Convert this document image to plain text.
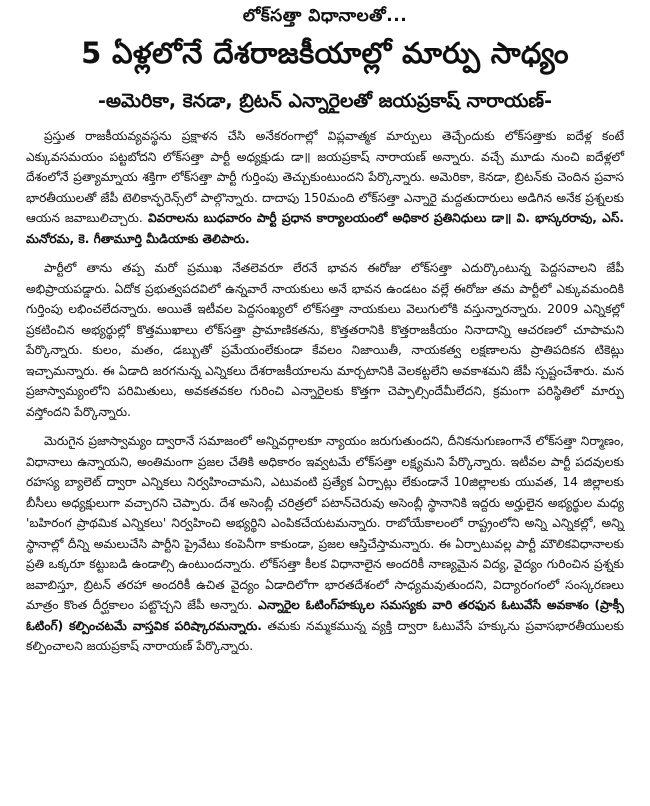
లోక్‌సత్తా విధానాలతో...
5 ఏళ్లలోనే దేశరాజకీయాల్లో మార్పు సాధ్యం
-అమెరికా, కెనడా, బ్రిటన్ ఎన్నారైలతో జయప్రకాష్ నారాయణ్-

ప్రస్తుత రాజకీయవ్యవస్థను ప్రక్షాళన చేసి అనేకరంగాల్లో విప్లవాత్మక మార్పులు తెచ్చేందుకు లోక్‌సత్తాకు ఐదేళ్ల కంటే ఎక్కువసమయం పట్టబోదని లోక్‌సత్తా పార్టీ అధ్యక్షుడు డా॥ జయప్రకాష్ నారాయణ్ అన్నారు. వచ్చే మూడు నుంచి ఐదేళ్లలో దేశంలోనే ప్రత్యామ్నాయ శక్తిగా లోక్‌సత్తా పార్టీ గుర్తింపు తెచ్చుకుంటుందని పేర్కొన్నారు. అమెరికా, కెనడా, బ్రిటన్‌కు చెందిన ప్రవాస భారతీయులతో జేపీ టెలికాన్ఫరెన్స్‌లో పాల్గొన్నారు. దాదాపు 150మంది లోక్‌సత్తా ఎన్నారై మద్దతుదారులు అడిగిన అనేక ప్రశ్నలకు ఆయన జవాబులిచ్చారు. వివరాలను బుధవారం పార్టీ ప్రధాన కార్యాలయంలో అధికార ప్రతినిధులు డా॥ వి. భాస్కరరావు, ఎస్. మనోరమ, కె. గీతామూర్తి మీడియాకు తెలిపారు.

పార్టీలో తాను తప్ప మరో ప్రముఖ నేతలెవరూ లేరనే భావన ఈరోజు లోక్‌సత్తా ఎదుర్కొంటున్న పెద్దసవాలని జేపీ అభిప్రాయపడ్డారు. ఏదోక ప్రభుత్వపదవిలో ఉన్నవారే నాయకులు అనే భావన ఉండటం వల్లే ఈరోజు తమ పార్టీలో ఎక్కువమందికి గుర్తింపు లభించలేదన్నారు. అయితే ఇటీవల పెద్దసంఖ్యలో లోక్‌సత్తా నాయకులు వెలుగులోకి వస్తున్నారన్నారు. 2009 ఎన్నికల్లో ప్రకటించిన అభ్యర్థుల్లో కొత్తముఖాలు లోక్‌సత్తా ప్రామాణికతను, కొత్తతరానికి కొత్తరాజకీయం నినాదాన్ని ఆచరణలో చూపామని పేర్కొన్నారు. కులం, మతం, డబ్బుతో ప్రమేయంలేకుండా కేవలం నిజాయితీ, నాయకత్వ లక్షణాలను ప్రాతిపదికన టికెట్లు ఇచ్చామన్నారు. ఈ ఏడాది జరగనున్న ఎన్నికలు దేశరాజకీయాలను మార్చటానికి వెలకట్టలేని అవకాశమని జేపీ స్పష్టంచేశారు. మన ప్రజాస్వామ్యంలోని పరిమితులు, అవకతవకల గురించి ఎన్నారైలకు కొత్తగా చెప్పాల్సిందేమీలేదని, క్రమంగా పరిస్థితిలో మార్పు వస్తోందని పేర్కొన్నారు.

మెరుగైన ప్రజాస్వామ్యం ద్వారానే సమాజంలో అన్నివర్గాలకూ న్యాయం జరుగుతుందని, దీనికనుగుణంగానే లోక్‌సత్తా నిర్మాణం, విధానాలు ఉన్నాయని, అంతిమంగా ప్రజల చేతికి అధికారం ఇవ్వటమే లోక్‌సత్తా లక్ష్యమని పేర్కొన్నారు. ఇటీవల పార్టీ పదవులకు రహస్య బ్యాలెట్ ద్వారా ఎన్నికలు నిర్వహించామని, ఎటువంటి ప్రత్యేక ఏర్పాట్లు లేకుండానే 10జిల్లాలకు యువత, 14 జిల్లాలకు బీసీలు అధ్యక్షులుగా వచ్చారని చెప్పారు. దేశ అసెంబ్లీ చరిత్రలో పటాన్‌చెరువు అసెంబ్లీ స్థానానికి ఇద్దరు అర్హులైన అభ్యర్థుల మధ్య 'బహిరంగ ప్రాథమిక ఎన్నికలు' నిర్వహించి అభ్యర్థిని ఎంపికచేయటమన్నారు. రాబోయేకాలంలో రాష్ట్రంలోని అన్ని ఎన్నికల్లో, అన్ని స్థానాల్లో దీన్ని అమలుచేసి పార్టీని ప్రైవేటు కంపెనీగా కాకుండా, ప్రజల ఆస్తిచేస్తామన్నారు. ఈ ఏర్పాటువల్ల పార్టీ మౌలికవిధానాలకు ప్రతి ఒక్కరూ కట్టుబడి ఉండాల్సి ఉంటుందన్నారు. లోక్‌సత్తా కీలక విధానాలైన అందరికీ నాణ్యమైన విద్య, వైద్యం గురించిన ప్రశ్నకు జవాబిస్తూ, బ్రిటన్ తరహా అందరికీ ఉచిత వైద్యం ఏడాదిలోగా భారతదేశంలో సాధ్యమవుతుందని, విద్యారంగంలో సంస్కరణలు మాత్రం కొంత దీర్ఘకాలం పట్టొచ్చని జేపీ అన్నారు. ఎన్నారైల ఓటింగ్‌హక్కుల సమస్యకు వారి తరఫున ఓటువేసే అవకాశం (ప్రాక్సీ ఓటింగ్) కల్పించటమే వాస్తవిక పరిష్కారమన్నారు. తమకు నమ్మకమున్న వ్యక్తి ద్వారా ఓటువేసే హక్కును ప్రవాసభారతీయులకు కల్పించాలని జయప్రకాష్ నారాయణ్ పేర్కొన్నారు.
